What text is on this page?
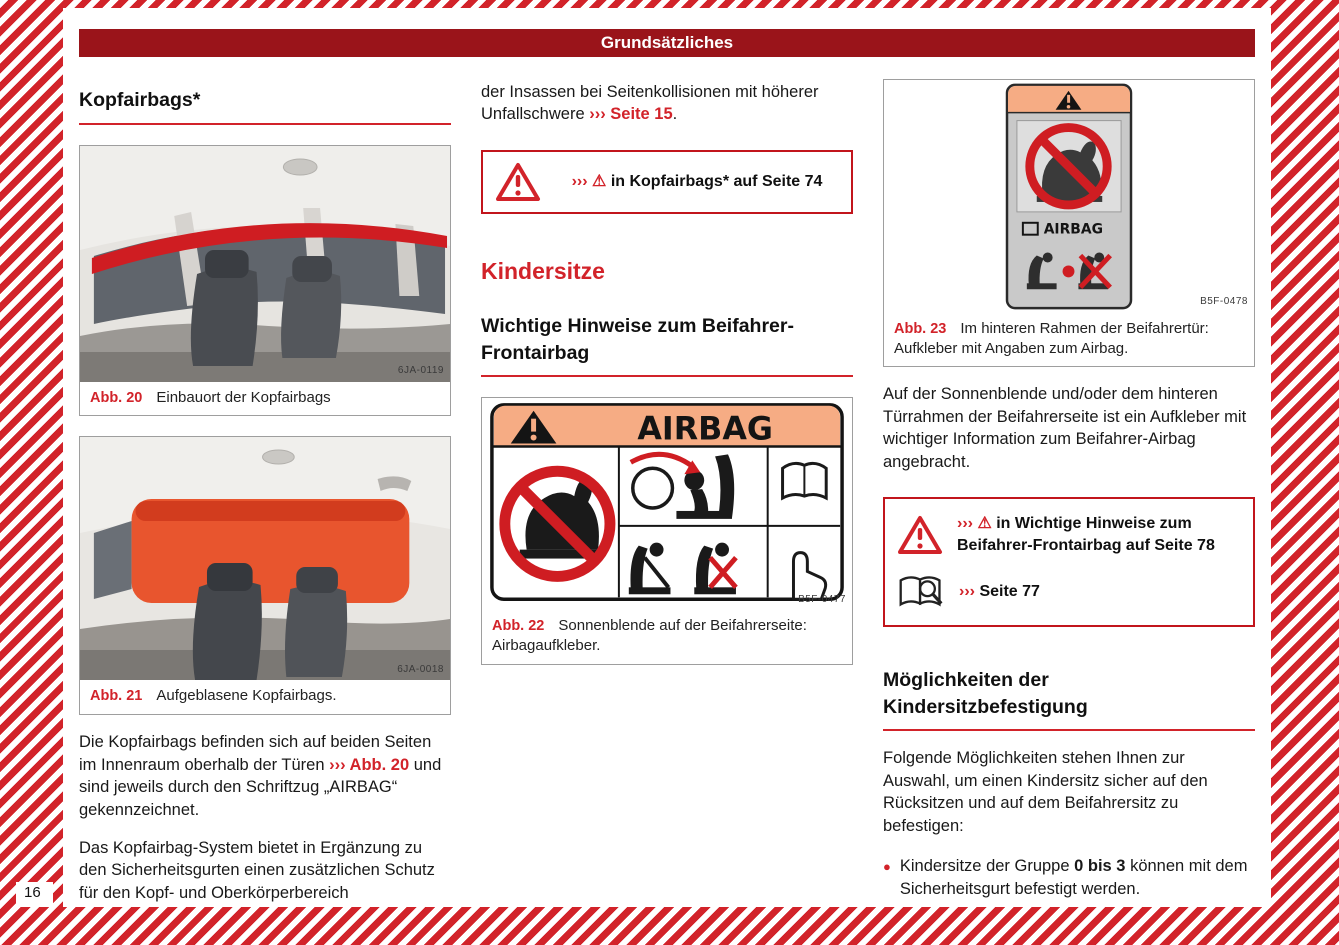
Grundsätzliches
Kopfairbags*
6JA-0119
Abb. 20 Einbauort der Kopfairbags
6JA-0018
Abb. 21 Aufgeblasene Kopfairbags.

Die Kopfairbags befinden sich auf beiden Seiten im Innenraum oberhalb der Türen ››› Abb. 20 und sind jeweils durch den Schriftzug „AIRBAG“ gekennzeichnet.

Das Kopfairbag-System bietet in Ergänzung zu den Sicherheitsgurten einen zusätzlichen Schutz für den Kopf- und Oberkörperbereich

der Insassen bei Seitenkollisionen mit höherer Unfallschwere ››› Seite 15.

››› ⚠ in Kopfairbags* auf Seite 74
Kindersitze
Wichtige Hinweise zum Beifahrer-Frontairbag
AIRBAG
B5F-0477
Abb. 22 Sonnenblende auf der Beifahrerseite: Airbagaufkleber.
AIRBAG
B5F-0478
Abb. 23 Im hinteren Rahmen der Beifahrertür: Aufkleber mit Angaben zum Airbag.

Auf der Sonnenblende und/oder dem hinteren Türrahmen der Beifahrerseite ist ein Aufkleber mit wichtiger Information zum Beifahrer-Airbag angebracht.

››› ⚠ in Wichtige Hinweise zum Beifahrer-Frontairbag auf Seite 78
››› Seite 77
Möglichkeiten der Kindersitzbefestigung

Folgende Möglichkeiten stehen Ihnen zur Auswahl, um einen Kindersitz sicher auf den Rücksitzen und auf dem Beifahrersitz zu befestigen:

● Kindersitze der Gruppe 0 bis 3 können mit dem Sicherheitsgurt befestigt werden.
16
